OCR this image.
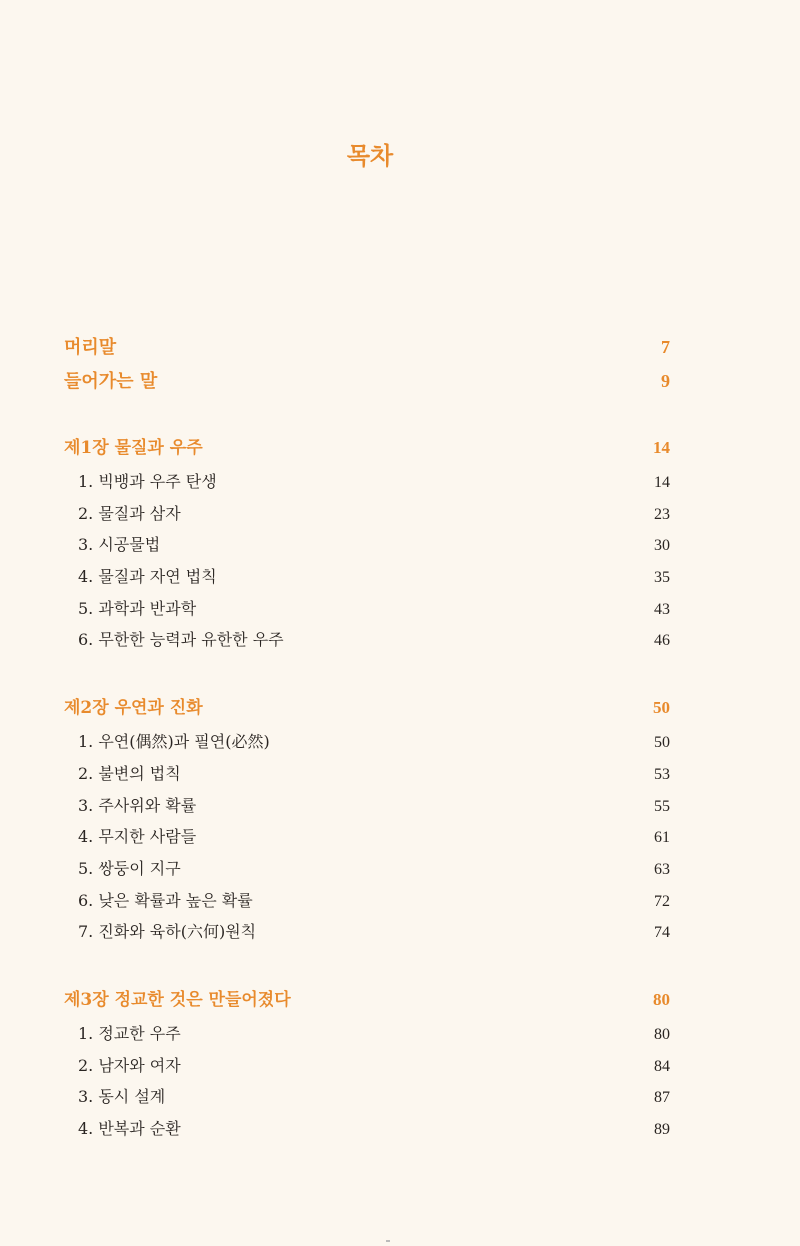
목차
머리말	7
들어가는 말	9
제1장 물질과 우주	14
1. 빅뱅과 우주 탄생	14
2. 물질과 삼자	23
3. 시공물법	30
4. 물질과 자연 법칙	35
5. 과학과 반과학	43
6. 무한한 능력과 유한한 우주	46
제2장 우연과 진화	50
1. 우연(偶然)과 필연(必然)	50
2. 불변의 법칙	53
3. 주사위와 확률	55
4. 무지한 사람들	61
5. 쌍둥이 지구	63
6. 낮은 확률과 높은 확률	72
7. 진화와 육하(六何)원칙	74
제3장 정교한 것은 만들어졌다	80
1. 정교한 우주	80
2. 남자와 여자	84
3. 동시 설계	87
4. 반복과 순환	89
